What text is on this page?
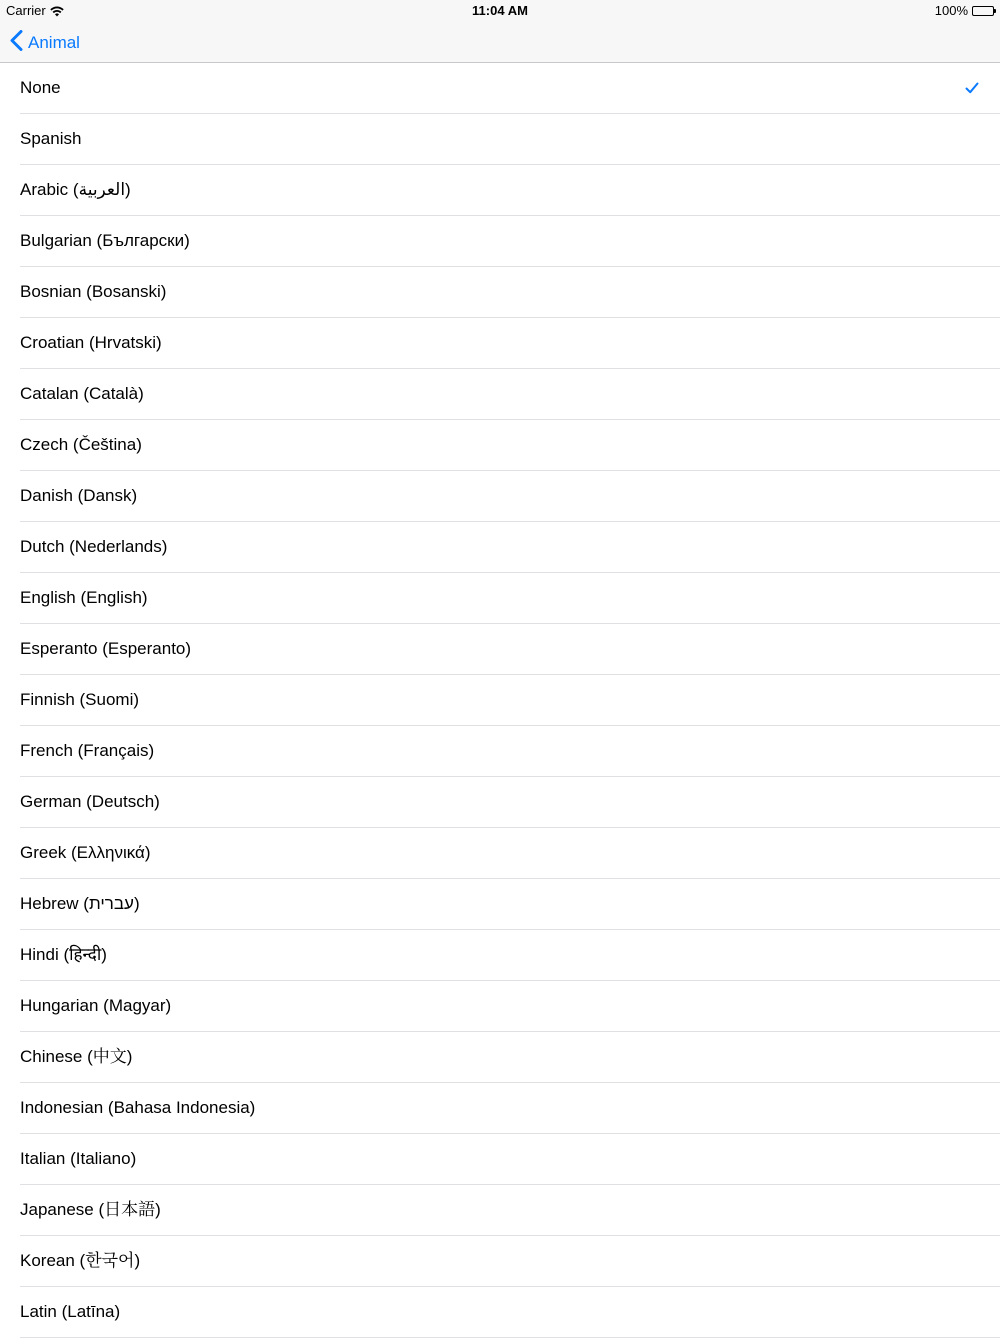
Carrier	11:04 AM	100%
Animal
None
Spanish
Arabic (العربية)
Bulgarian (Български)
Bosnian (Bosanski)
Croatian (Hrvatski)
Catalan (Català)
Czech (Čeština)
Danish (Dansk)
Dutch (Nederlands)
English (English)
Esperanto (Esperanto)
Finnish (Suomi)
French (Français)
German (Deutsch)
Greek (Ελληνικά)
Hebrew (עברית)
Hindi (हिन्दी)
Hungarian (Magyar)
Chinese (中文)
Indonesian (Bahasa Indonesia)
Italian (Italiano)
Japanese (日本語)
Korean (한국어)
Latin (Latīna)
